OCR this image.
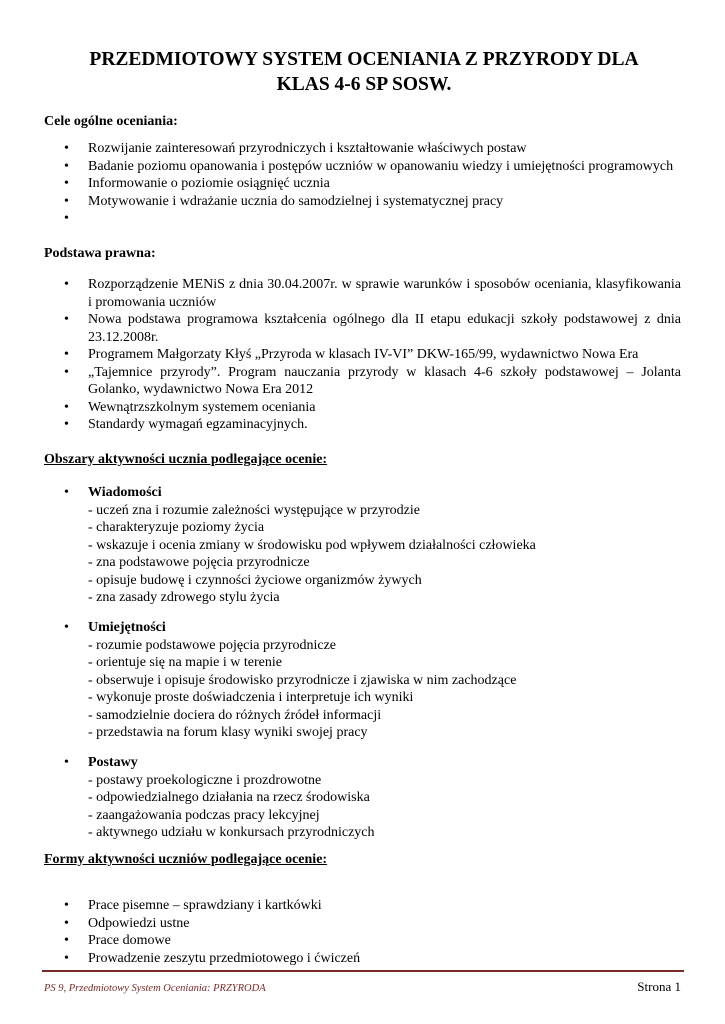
PRZEDMIOTOWY SYSTEM OCENIANIA Z PRZYRODY DLA
KLAS 4-6 SP SOSW.
Cele ogólne oceniania:
• Rozwijanie zainteresowań przyrodniczych i kształtowanie właściwych postaw
• Badanie poziomu opanowania i postępów uczniów w opanowaniu wiedzy i umiejętności programowych
• Informowanie o poziomie osiągnięć ucznia
• Motywowanie i wdrażanie ucznia do samodzielnej i systematycznej pracy
•
Podstawa prawna:
• Rozporządzenie MENiS z dnia 30.04.2007r. w sprawie warunków i sposobów oceniania, klasyfikowania i promowania uczniów
• Nowa podstawa programowa kształcenia ogólnego dla II etapu edukacji szkoły podstawowej z dnia 23.12.2008r.
• Programem Małgorzaty Kłyś „Przyroda w klasach IV-VI” DKW-165/99, wydawnictwo Nowa Era
• „Tajemnice przyrody”. Program nauczania przyrody w klasach 4-6 szkoły podstawowej – Jolanta Golanko, wydawnictwo Nowa Era 2012
• Wewnątrzszkolnym systemem oceniania
• Standardy wymagań egzaminacyjnych.
Obszary aktywności ucznia podlegające ocenie:
• Wiadomości
- uczeń zna i rozumie zależności występujące w przyrodzie
- charakteryzuje poziomy życia
- wskazuje i ocenia zmiany w środowisku pod wpływem działalności człowieka
- zna podstawowe pojęcia przyrodnicze
- opisuje budowę i czynności życiowe organizmów żywych
- zna zasady zdrowego stylu życia
• Umiejętności
- rozumie podstawowe pojęcia przyrodnicze
- orientuje się na mapie i w terenie
- obserwuje i opisuje środowisko przyrodnicze i zjawiska w nim zachodzące
- wykonuje proste doświadczenia i interpretuje ich wyniki
- samodzielnie dociera do różnych źródeł informacji
- przedstawia na forum klasy wyniki swojej pracy
• Postawy
- postawy proekologiczne i prozdrowotne
- odpowiedzialnego działania na rzecz środowiska
- zaangażowania podczas pracy lekcyjnej
- aktywnego udziału w konkursach przyrodniczych
Formy aktywności uczniów podlegające ocenie:
• Prace pisemne – sprawdziany i kartkówki
• Odpowiedzi ustne
• Prace domowe
• Prowadzenie zeszytu przedmiotowego i ćwiczeń
PS 9, Przedmiotowy System Oceniania: PRZYRODA	Strona 1
